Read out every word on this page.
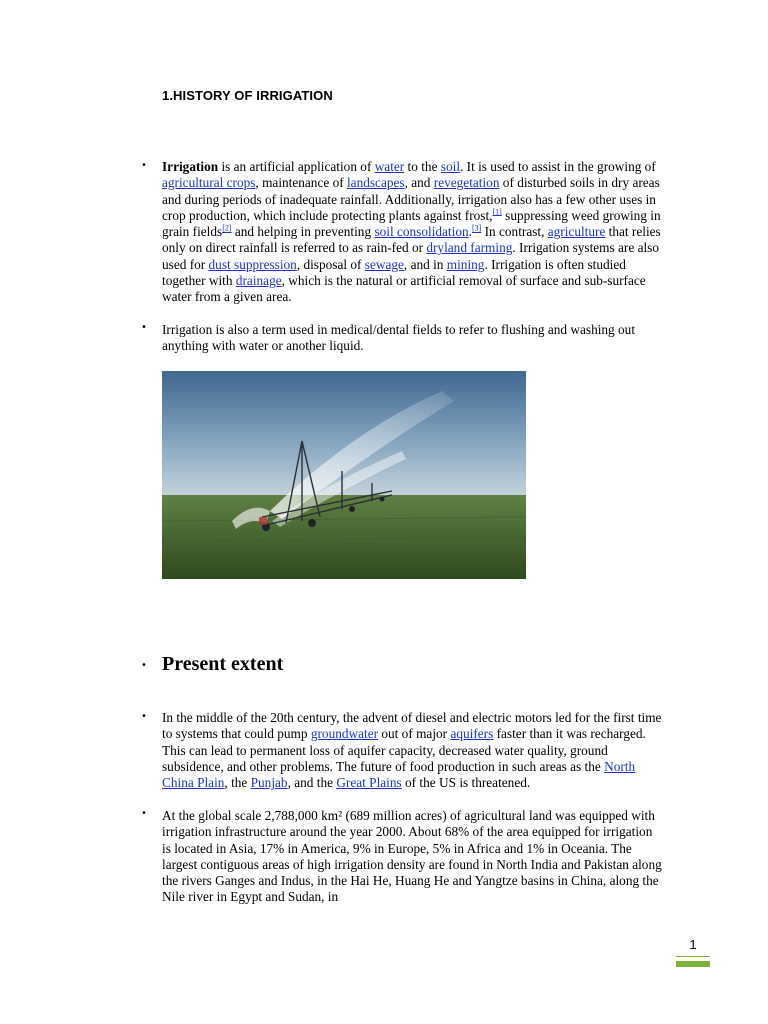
1.HISTORY OF IRRIGATION
• Irrigation is an artificial application of water to the soil. It is used to assist in the growing of agricultural crops, maintenance of landscapes, and revegetation of disturbed soils in dry areas and during periods of inadequate rainfall. Additionally, irrigation also has a few other uses in crop production, which include protecting plants against frost,[1] suppressing weed growing in grain fields[2] and helping in preventing soil consolidation.[3] In contrast, agriculture that relies only on direct rainfall is referred to as rain-fed or dryland farming. Irrigation systems are also used for dust suppression, disposal of sewage, and in mining. Irrigation is often studied together with drainage, which is the natural or artificial removal of surface and sub-surface water from a given area.
• Irrigation is also a term used in medical/dental fields to refer to flushing and washing out anything with water or another liquid.
• Present extent
• In the middle of the 20th century, the advent of diesel and electric motors led for the first time to systems that could pump groundwater out of major aquifers faster than it was recharged. This can lead to permanent loss of aquifer capacity, decreased water quality, ground subsidence, and other problems. The future of food production in such areas as the North China Plain, the Punjab, and the Great Plains of the US is threatened.
• At the global scale 2,788,000 km² (689 million acres) of agricultural land was equipped with irrigation infrastructure around the year 2000. About 68% of the area equipped for irrigation is located in Asia, 17% in America, 9% in Europe, 5% in Africa and 1% in Oceania. The largest contiguous areas of high irrigation density are found in North India and Pakistan along the rivers Ganges and Indus, in the Hai He, Huang He and Yangtze basins in China, along the Nile river in Egypt and Sudan, in
1
